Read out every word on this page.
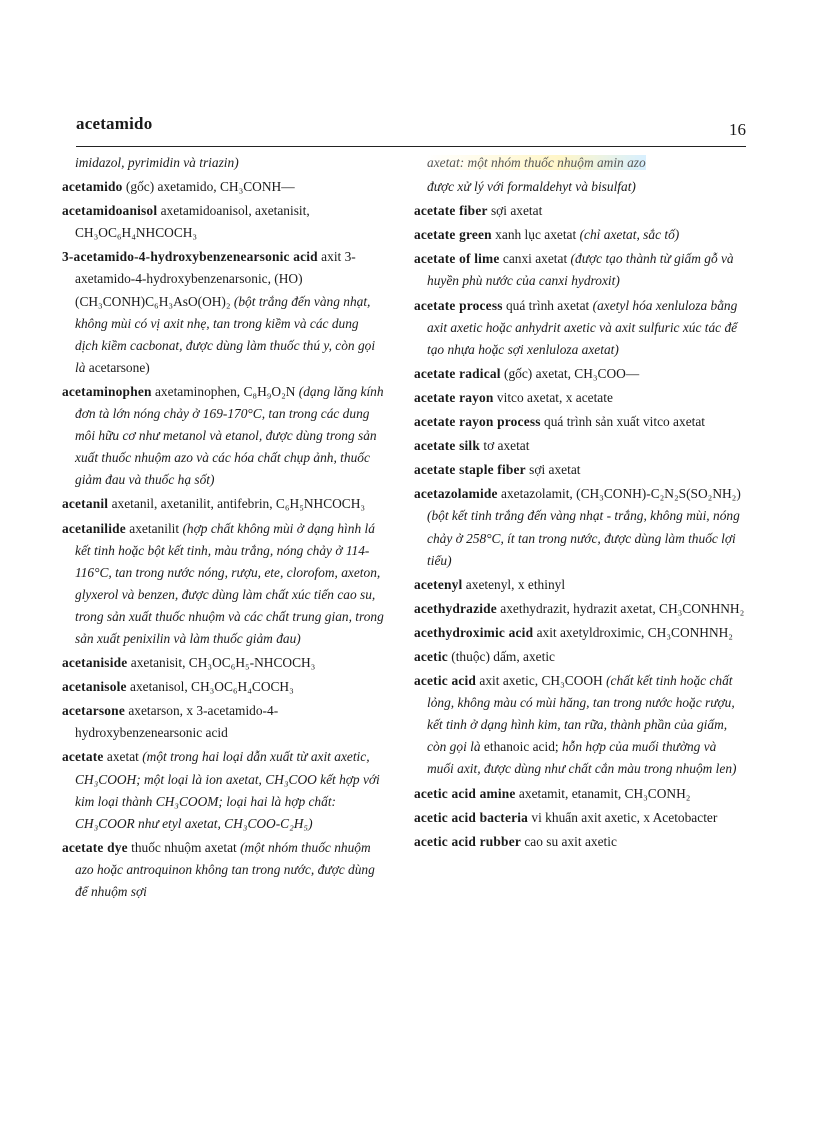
acetamido	16

imidazol, pyrimidin và triazin)

acetamido (gốc) axetamido, CH₃CONH—

acetamidoanisol axetamidoanisol, axetanisit, CH₃OC₆H₄NHCOCH₃

3-acetamido-4-hydroxybenzenearsonic acid axit 3-axetamido-4-hydroxybenzenarsonic, (HO)(CH₃CONH)C₆H₃AsO(OH)₂ (bột trắng đến vàng nhạt, không mùi có vị axit nhẹ, tan trong kiềm và các dung dịch kiềm cacbonat, được dùng làm thuốc thú y, còn gọi là acetarsone)

acetaminophen axetaminophen, C₈H₉O₂N (dạng lăng kính đơn tà lớn nóng chảy ở 169-170°C, tan trong các dung môi hữu cơ như metanol và etanol, được dùng trong sản xuất thuốc nhuộm azo và các hóa chất chụp ảnh, thuốc giảm đau và thuốc hạ sốt)

acetanil axetanil, axetanilit, antifebrin, C₆H₅NHCOCH₃

acetanilide axetanilit (hợp chất không mùi ở dạng hình lá kết tinh hoặc bột kết tinh, màu trắng, nóng chảy ở 114-116°C, tan trong nước nóng, rượu, ete, clorofom, axeton, glyxerol và benzen, được dùng làm chất xúc tiến cao su, trong sản xuất thuốc nhuộm và các chất trung gian, trong sản xuất penixilin và làm thuốc giảm đau)

acetaniside axetanisit, CH₃OC₆H₅-NHCOCH₃

acetanisole axetanisol, CH₃OC₆H₄COCH₃

acetarsone axetarson, x 3-acetamido-4-hydroxybenzenearsonic acid

acetate axetat (một trong hai loại dẫn xuất từ axit axetic, CH₃COOH; một loại là ion axetat, CH₃COO kết hợp với kim loại thành CH₃COOM; loại hai là hợp chất: CH₃COOR như etyl axetat, CH₃COO-C₂H₅)

acetate dye thuốc nhuộm axetat (một nhóm thuốc nhuộm azo hoặc antroquinon không tan trong nước, được dùng để nhuộm sợi

axetat: một nhóm thuốc nhuộm amin azo

được xử lý với formaldehyt và bisulfat)

acetate fiber sợi axetat

acetate green xanh lục axetat (chỉ axetat, sắc tố)

acetate of lime canxi axetat (được tạo thành từ giấm gỗ và huyền phù nước của canxi hydroxit)

acetate process quá trình axetat (axetyl hóa xenluloza bằng axit axetic hoặc anhydrit axetic và axit sulfuric xúc tác để tạo nhựa hoặc sợi xenluloza axetat)

acetate radical (gốc) axetat, CH₃COO—

acetate rayon vitco axetat, x acetate

acetate rayon process quá trình sản xuất vitco axetat

acetate silk tơ axetat

acetate staple fiber sợi axetat

acetazolamide axetazolamit, (CH₃CONH)-C₂N₂S(SO₂NH₂) (bột kết tinh trắng đến vàng nhạt - trắng, không mùi, nóng chảy ở 258°C, ít tan trong nước, được dùng làm thuốc lợi tiểu)

acetenyl axetenyl, x ethinyl

acethydrazide axethydrazit, hydrazit axetat, CH₃CONHNH₂

acethydroximic acid axit axetyldroximic, CH₃CONHNH₂

acetic (thuộc) dấm, axetic

acetic acid axit axetic, CH₃COOH (chất kết tinh hoặc chất lỏng, không màu có mùi hăng, tan trong nước hoặc rượu, kết tinh ở dạng hình kim, tan rữa, thành phần của giấm, còn gọi là ethanoic acid; hỗn hợp của muối thường và muối axit, được dùng như chất cắn màu trong nhuộm len)

acetic acid amine axetamit, etanamit, CH₃CONH₂

acetic acid bacteria vi khuẩn axit axetic, x Acetobacter

acetic acid rubber cao su axit axetic
